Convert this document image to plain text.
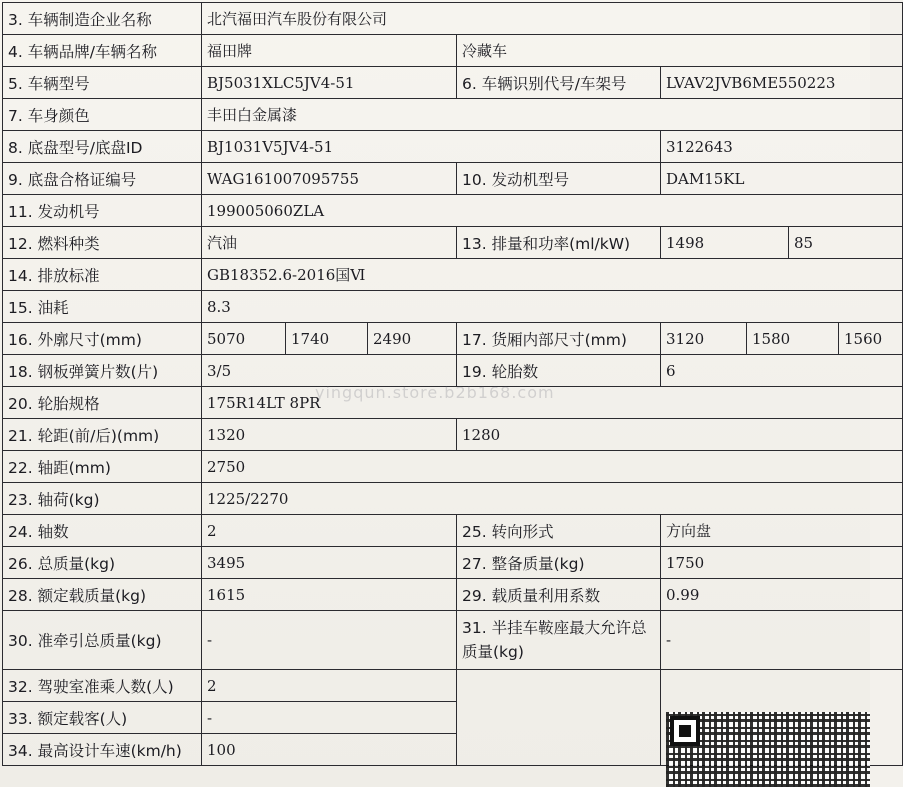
3. 车辆制造企业名称	北汽福田汽车股份有限公司							
4. 车辆品牌/车辆名称	福田牌			冷藏车				
5. 车辆型号	BJ5031XLC5JV4-51			6. 车辆识别代号/车架号	LVAV2JVB6ME550223			
7. 车身颜色	丰田白金属漆							
8. 底盘型号/底盘ID	BJ1031V5JV4-51				3122643			
9. 底盘合格证编号	WAG161007095755			10. 发动机型号	DAM15KL			
11. 发动机号	199005060ZLA							
12. 燃料种类	汽油			13. 排量和功率(ml/kW)	1498		85	
14. 排放标准	GB18352.6-2016国Ⅵ							
15. 油耗	8.3							
16. 外廓尺寸(mm)	5070	1740	2490	17. 货厢内部尺寸(mm)	3120	1580		1560
18. 钢板弹簧片数(片)	3/5			19. 轮胎数	6			
20. 轮胎规格	175R14LT 8PR							
21. 轮距(前/后)(mm)	1320			1280				
22. 轴距(mm)	2750							
23. 轴荷(kg)	1225/2270							
24. 轴数	2			25. 转向形式	方向盘			
26. 总质量(kg)	3495			27. 整备质量(kg)	1750			
28. 额定载质量(kg)	1615			29. 载质量利用系数	0.99			
30. 准牵引总质量(kg)	-			31. 半挂车鞍座最大允许总质量(kg)	-			
32. 驾驶室准乘人数(人)	2							
33. 额定载客(人)	-							
34. 最高设计车速(km/h)	100							
yingqun.store.b2b168.com
